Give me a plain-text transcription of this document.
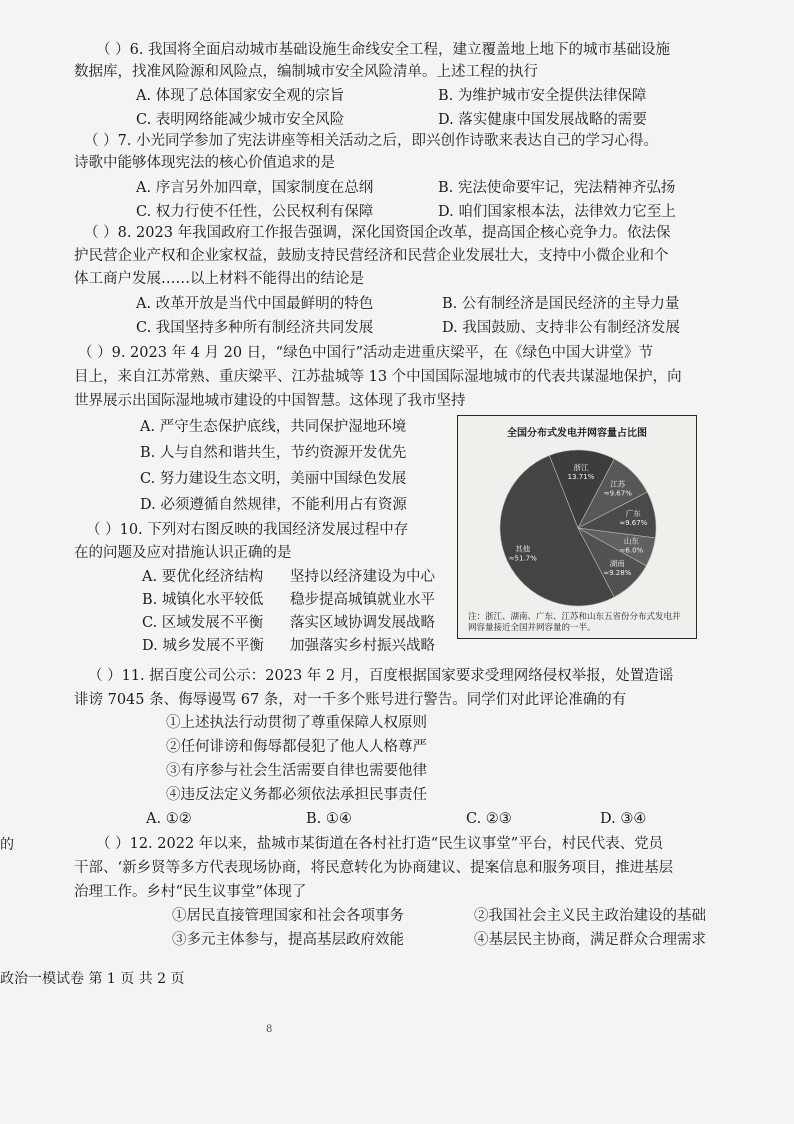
（ ）6. 我国将全面启动城市基础设施生命线安全工程，建立覆盖地上地下的城市基础设施
数据库，找准风险源和风险点，编制城市安全风险清单。上述工程的执行
A. 体现了总体国家安全观的宗旨	B. 为维护城市安全提供法律保障
C. 表明网络能减少城市安全风险	D. 落实健康中国发展战略的需要
（ ）7. 小光同学参加了宪法讲座等相关活动之后，即兴创作诗歌来表达自己的学习心得。
诗歌中能够体现宪法的核心价值追求的是
A. 序言另外加四章，国家制度在总纲	B. 宪法使命要牢记，宪法精神齐弘扬
C. 权力行使不任性，公民权利有保障	D. 咱们国家根本法，法律效力它至上
（ ）8. 2023 年我国政府工作报告强调，深化国资国企改革，提高国企核心竞争力。依法保
护民营企业产权和企业家权益，鼓励支持民营经济和民营企业发展壮大，支持中小微企业和个
体工商户发展……以上材料不能得出的结论是
A. 改革开放是当代中国最鲜明的特色	B. 公有制经济是国民经济的主导力量
C. 我国坚持多种所有制经济共同发展	D. 我国鼓励、支持非公有制经济发展
（ ）9. 2023 年 4 月 20 日，“绿色中国行”活动走进重庆梁平，在《绿色中国大讲堂》节
目上，来自江苏常熟、重庆梁平、江苏盐城等 13 个中国国际湿地城市的代表共谋湿地保护，向
世界展示出国际湿地城市建设的中国智慧。这体现了我市坚持
A. 严守生态保护底线，共同保护湿地环境
B. 人与自然和谐共生，节约资源开发优先
C. 努力建设生态文明，美丽中国绿色发展
D. 必须遵循自然规律，不能利用占有资源
（ ）10. 下列对右图反映的我国经济发展过程中存
在的问题及应对措施认识正确的是
A. 要优化经济结构 坚持以经济建设为中心
B. 城镇化水平较低 稳步提高城镇就业水平
C. 区域发展不平衡 落实区域协调发展战略
D. 城乡发展不平衡 加强落实乡村振兴战略
全国分布式发电并网容量占比图
浙江
13.71%
江苏
≈9.67%
广东
≈9.67%
山东
≈6.0%
湖南
≈9.28%
其他
≈51.7%
注：浙江、湖南、广东、江苏和山东五省份分布式发电并网容量接近全国并网容量的一半。
（ ）11. 据百度公司公示：2023 年 2 月，百度根据国家要求受理网络侵权举报，处置造谣
诽谤 7045 条、侮辱谩骂 67 条，对一千多个账号进行警告。同学们对此评论准确的有
①上述执法行动贯彻了尊重保障人权原则
②任何诽谤和侮辱都侵犯了他人人格尊严
③有序参与社会生活需要自律也需要他律
④违反法定义务都必须依法承担民事责任
A. ①②	B. ①④	C. ②③	D. ③④
的	（ ）12. 2022 年以来，盐城市某街道在各村社打造“民生议事堂”平台，村民代表、党员
干部、‘新乡贤等多方代表现场协商，将民意转化为协商建议、提案信息和服务项目，推进基层
治理工作。乡村“民生议事堂”体现了
①居民直接管理国家和社会各项事务	②我国社会主义民主政治建设的基础
③多元主体参与，提高基层政府效能	④基层民主协商，满足群众合理需求
政治一模试卷 第 1 页 共 2 页
8
